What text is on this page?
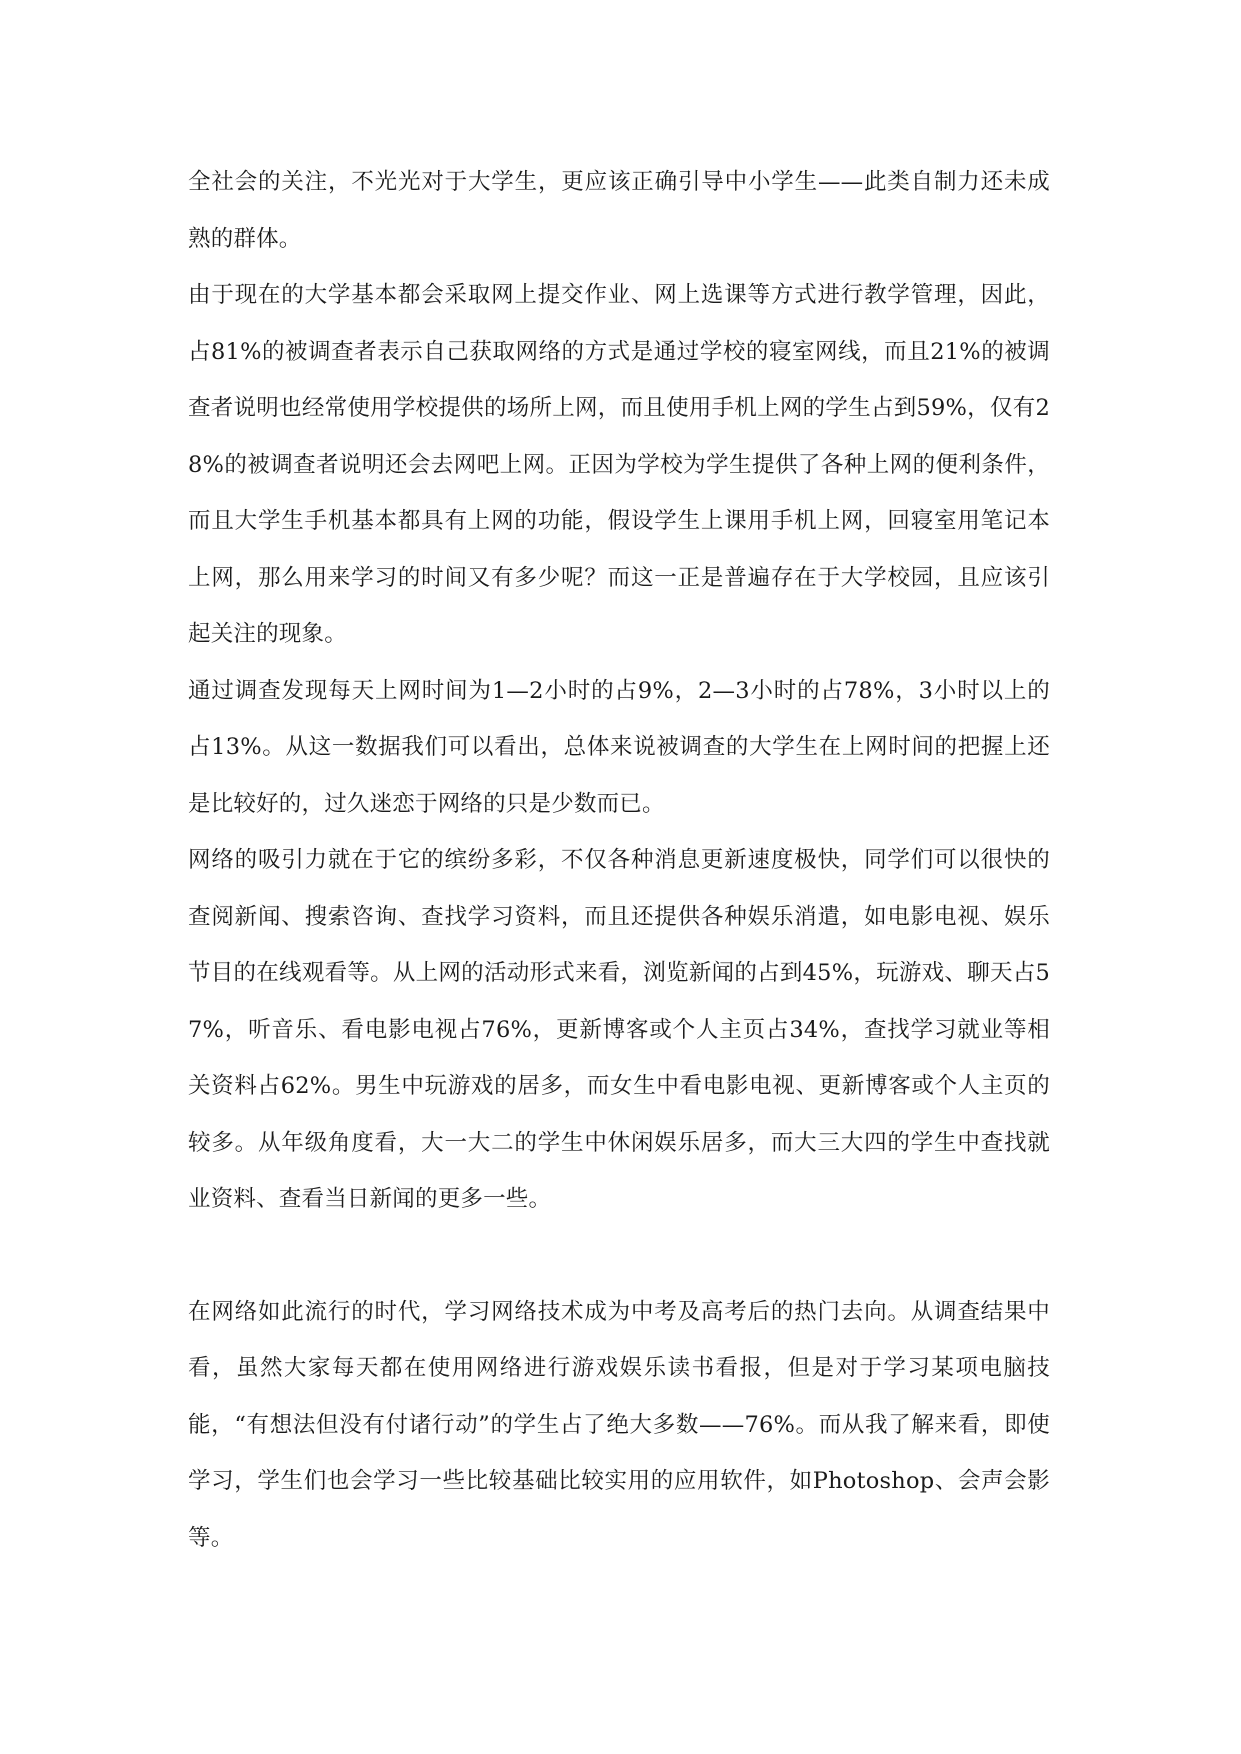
全社会的关注，不光光对于大学生，更应该正确引导中小学生——此类自制力还未成熟的群体。

由于现在的大学基本都会采取网上提交作业、网上选课等方式进行教学管理，因此，占81%的被调查者表示自己获取网络的方式是通过学校的寝室网线，而且21%的被调查者说明也经常使用学校提供的场所上网，而且使用手机上网的学生占到59%，仅有28%的被调查者说明还会去网吧上网。正因为学校为学生提供了各种上网的便利条件，而且大学生手机基本都具有上网的功能，假设学生上课用手机上网，回寝室用笔记本上网，那么用来学习的时间又有多少呢？而这一正是普遍存在于大学校园，且应该引起关注的现象。

通过调查发现每天上网时间为1—2小时的占9%，2—3小时的占78%，3小时以上的占13%。从这一数据我们可以看出，总体来说被调查的大学生在上网时间的把握上还是比较好的，过久迷恋于网络的只是少数而已。

网络的吸引力就在于它的缤纷多彩，不仅各种消息更新速度极快，同学们可以很快的查阅新闻、搜索咨询、查找学习资料，而且还提供各种娱乐消遣，如电影电视、娱乐节目的在线观看等。从上网的活动形式来看，浏览新闻的占到45%，玩游戏、聊天占57%，听音乐、看电影电视占76%，更新博客或个人主页占34%，查找学习就业等相关资料占62%。男生中玩游戏的居多，而女生中看电影电视、更新博客或个人主页的较多。从年级角度看，大一大二的学生中休闲娱乐居多，而大三大四的学生中查找就业资料、查看当日新闻的更多一些。

在网络如此流行的时代，学习网络技术成为中考及高考后的热门去向。从调查结果中看，虽然大家每天都在使用网络进行游戏娱乐读书看报，但是对于学习某项电脑技能，“有想法但没有付诸行动”的学生占了绝大多数——76%。而从我了解来看，即使学习，学生们也会学习一些比较基础比较实用的应用软件，如Photoshop、会声会影等。
